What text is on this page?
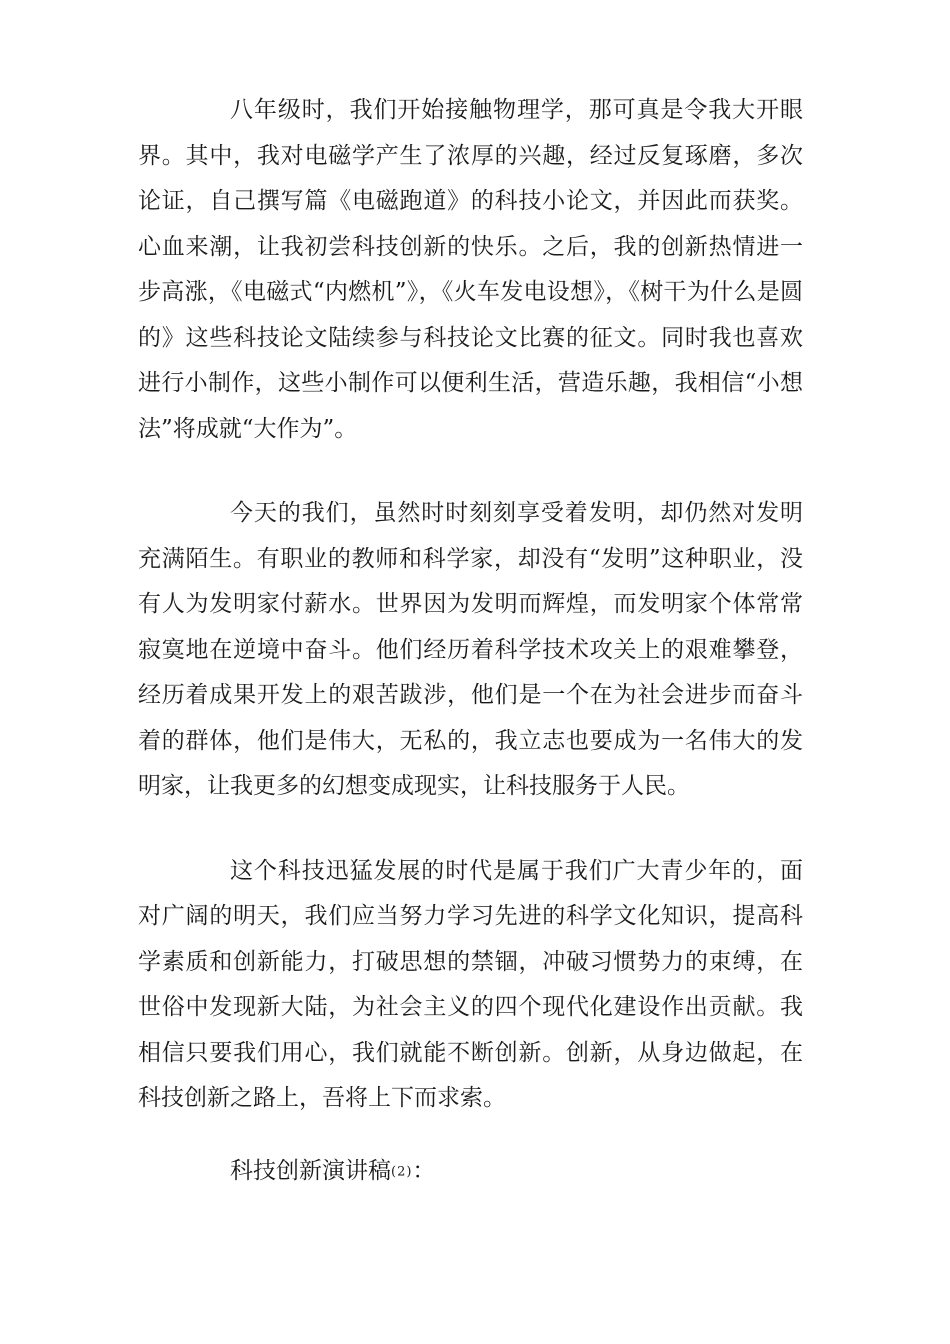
八年级时，我们开始接触物理学，那可真是令我大开眼界。其中，我对电磁学产生了浓厚的兴趣，经过反复琢磨，多次论证，自己撰写篇《电磁跑道》的科技小论文，并因此而获奖。心血来潮，让我初尝科技创新的快乐。之后，我的创新热情进一步高涨，《电磁式“内燃机”》，《火车发电设想》，《树干为什么是圆的》这些科技论文陆续参与科技论文比赛的征文。同时我也喜欢进行小制作，这些小制作可以便利生活，营造乐趣，我相信“小想法”将成就“大作为”。

今天的我们，虽然时时刻刻享受着发明，却仍然对发明充满陌生。有职业的教师和科学家，却没有“发明”这种职业，没有人为发明家付薪水。世界因为发明而辉煌，而发明家个体常常寂寞地在逆境中奋斗。他们经历着科学技术攻关上的艰难攀登，经历着成果开发上的艰苦跋涉，他们是一个在为社会进步而奋斗着的群体，他们是伟大，无私的，我立志也要成为一名伟大的发明家，让我更多的幻想变成现实，让科技服务于人民。

这个科技迅猛发展的时代是属于我们广大青少年的，面对广阔的明天，我们应当努力学习先进的科学文化知识，提高科学素质和创新能力，打破思想的禁锢，冲破习惯势力的束缚，在世俗中发现新大陆，为社会主义的四个现代化建设作出贡献。我相信只要我们用心，我们就能不断创新。创新，从身边做起，在科技创新之路上，吾将上下而求索。

科技创新演讲稿(2)：
